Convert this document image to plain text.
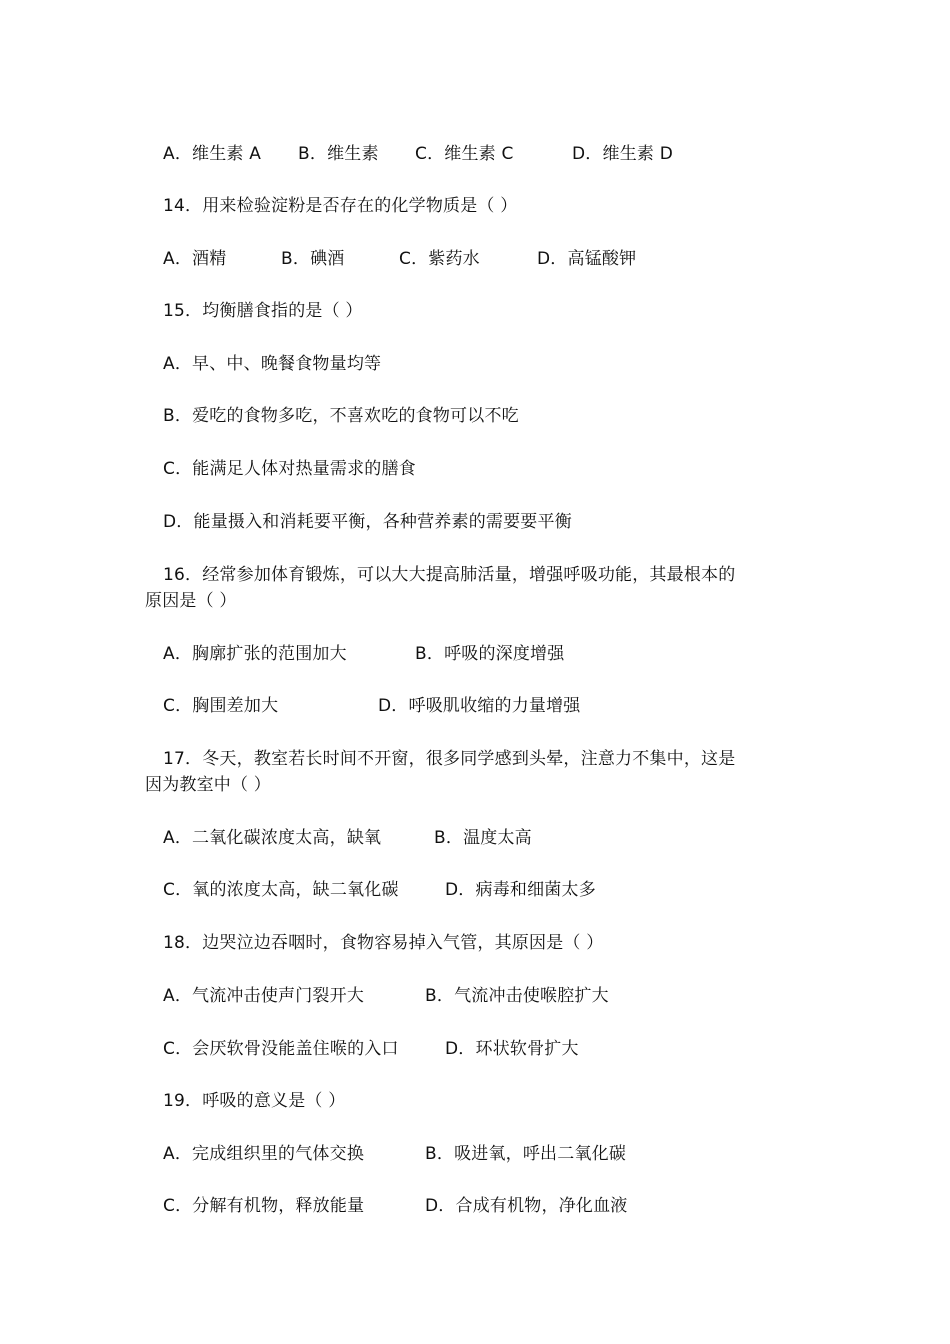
A．维生素 A B．维生素 C．维生素 C	D．维生素 D
14．用来检验淀粉是否存在的化学物质是（ ）
A．酒精	B．碘酒	C．紫药水	D．高锰酸钾
15．均衡膳食指的是（ ）
A．早、中、晚餐食物量均等
B．爱吃的食物多吃，不喜欢吃的食物可以不吃
C．能满足人体对热量需求的膳食
D．能量摄入和消耗要平衡，各种营养素的需要要平衡
16．经常参加体育锻炼，可以大大提高肺活量，增强呼吸功能，其最根本的
原因是（ ）
A．胸廓扩张的范围加大	B．呼吸的深度增强
C．胸围差加大	D．呼吸肌收缩的力量增强
17．冬天，教室若长时间不开窗，很多同学感到头晕，注意力不集中，这是
因为教室中（ ）
A．二氧化碳浓度太高，缺氧	B．温度太高
C．氧的浓度太高，缺二氧化碳	D．病毒和细菌太多
18．边哭泣边吞咽时，食物容易掉入气管，其原因是（ ）
A．气流冲击使声门裂开大	B．气流冲击使喉腔扩大
C．会厌软骨没能盖住喉的入口	D．环状软骨扩大
19．呼吸的意义是（ ）
A．完成组织里的气体交换	B．吸进氧，呼出二氧化碳
C．分解有机物，释放能量	D．合成有机物，净化血液
